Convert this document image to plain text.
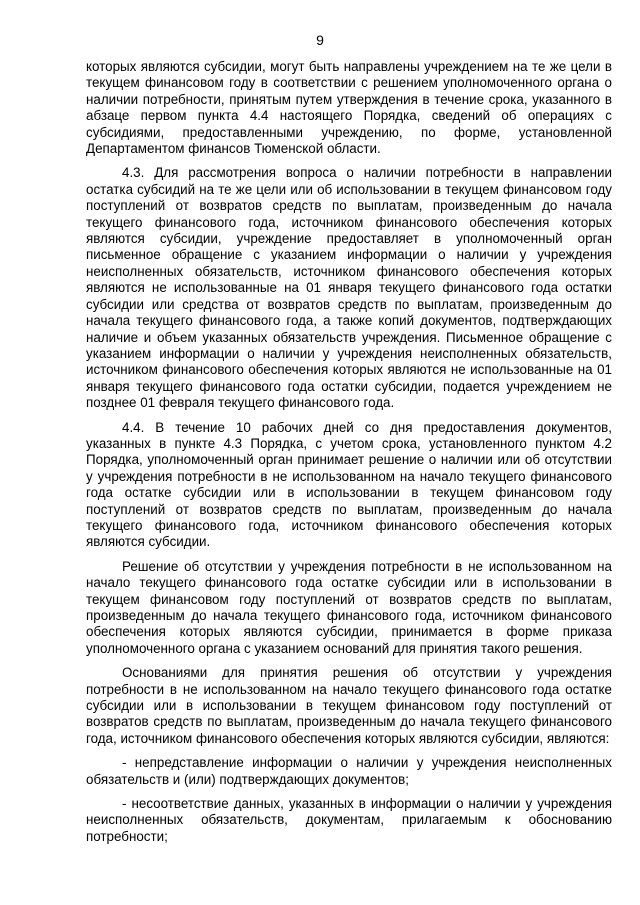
9

которых являются субсидии, могут быть направлены учреждением на те же цели в текущем финансовом году в соответствии с решением уполномоченного органа о наличии потребности, принятым путем утверждения в течение срока, указанного в абзаце первом пункта 4.4 настоящего Порядка, сведений об операциях с субсидиями, предоставленными учреждению, по форме, установленной Департаментом финансов Тюменской области.

4.3. Для рассмотрения вопроса о наличии потребности в направлении остатка субсидий на те же цели или об использовании в текущем финансовом году поступлений от возвратов средств по выплатам, произведенным до начала текущего финансового года, источником финансового обеспечения которых являются субсидии, учреждение предоставляет в уполномоченный орган письменное обращение с указанием информации о наличии у учреждения неисполненных обязательств, источником финансового обеспечения которых являются не использованные на 01 января текущего финансового года остатки субсидии или средства от возвратов средств по выплатам, произведенным до начала текущего финансового года, а также копий документов, подтверждающих наличие и объем указанных обязательств учреждения. Письменное обращение с указанием информации о наличии у учреждения неисполненных обязательств, источником финансового обеспечения которых являются не использованные на 01 января текущего финансового года остатки субсидии, подается учреждением не позднее 01 февраля текущего финансового года.

4.4. В течение 10 рабочих дней со дня предоставления документов, указанных в пункте 4.3 Порядка, с учетом срока, установленного пунктом 4.2 Порядка, уполномоченный орган принимает решение о наличии или об отсутствии у учреждения потребности в не использованном на начало текущего финансового года остатке субсидии или в использовании в текущем финансовом году поступлений от возвратов средств по выплатам, произведенным до начала текущего финансового года, источником финансового обеспечения которых являются субсидии.

Решение об отсутствии у учреждения потребности в не использованном на начало текущего финансового года остатке субсидии или в использовании в текущем финансовом году поступлений от возвратов средств по выплатам, произведенным до начала текущего финансового года, источником финансового обеспечения которых являются субсидии, принимается в форме приказа уполномоченного органа с указанием оснований для принятия такого решения.

Основаниями для принятия решения об отсутствии у учреждения потребности в не использованном на начало текущего финансового года остатке субсидии или в использовании в текущем финансовом году поступлений от возвратов средств по выплатам, произведенным до начала текущего финансового года, источником финансового обеспечения которых являются субсидии, являются:

- непредставление информации о наличии у учреждения неисполненных обязательств и (или) подтверждающих документов;

- несоответствие данных, указанных в информации о наличии у учреждения неисполненных обязательств, документам, прилагаемым к обоснованию потребности;
